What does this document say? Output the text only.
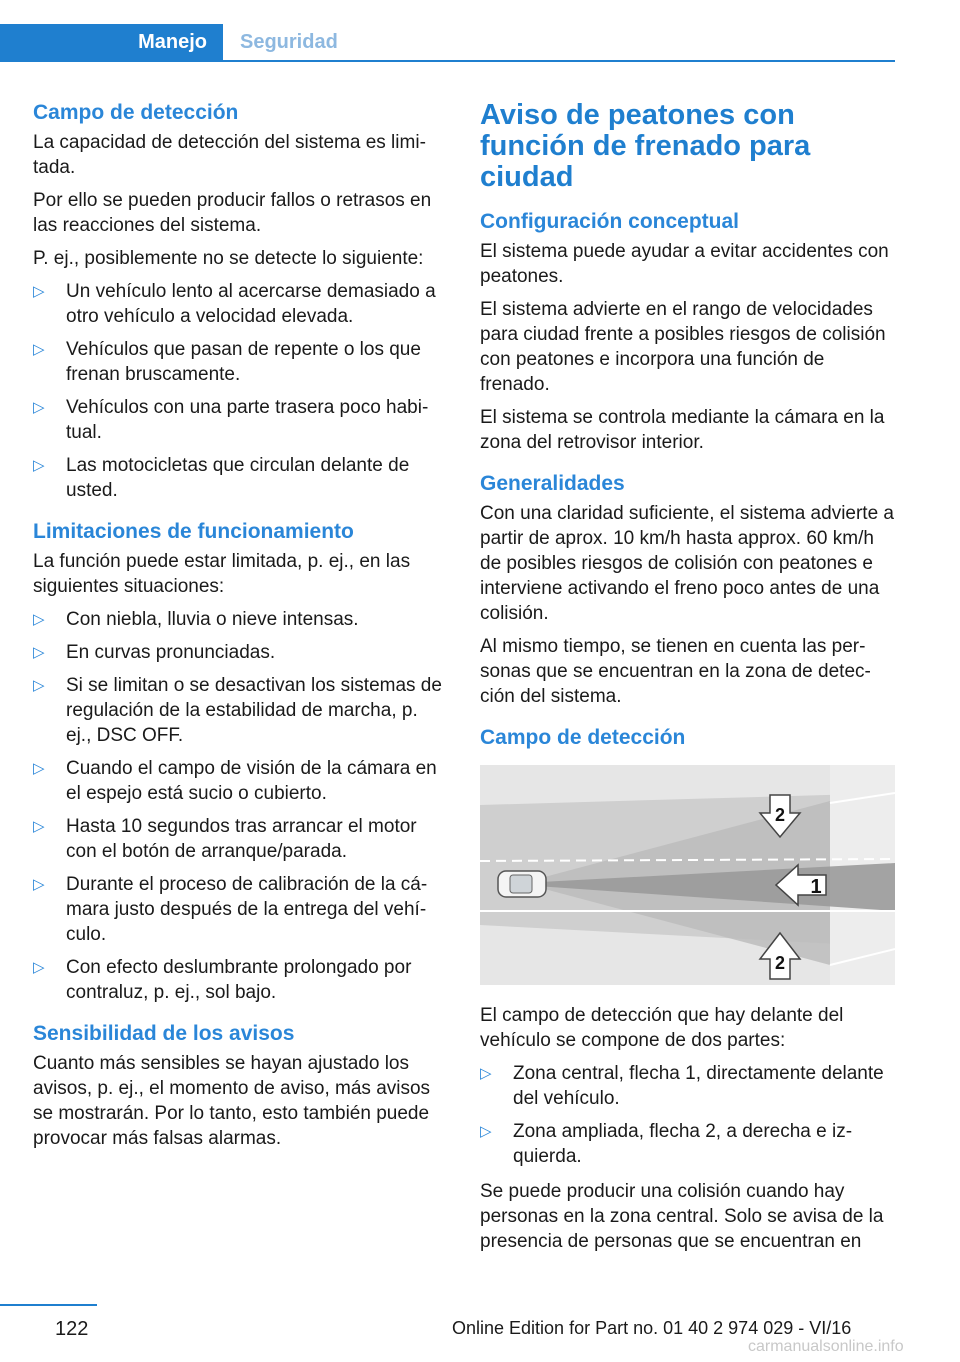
Manejo Seguridad
Campo de detección

La capacidad de detección del sistema es limitada.

Por ello se pueden producir fallos o retrasos en las reacciones del sistema.

P. ej., posiblemente no se detecte lo siguiente:

▷ Un vehículo lento al acercarse demasiado a otro vehículo a velocidad elevada.
▷ Vehículos que pasan de repente o los que frenan bruscamente.
▷ Vehículos con una parte trasera poco habitual.
▷ Las motocicletas que circulan delante de usted.
Limitaciones de funcionamiento

La función puede estar limitada, p. ej., en las siguientes situaciones:

▷ Con niebla, lluvia o nieve intensas.
▷ En curvas pronunciadas.
▷ Si se limitan o se desactivan los sistemas de regulación de la estabilidad de marcha, p. ej., DSC OFF.
▷ Cuando el campo de visión de la cámara en el espejo está sucio o cubierto.
▷ Hasta 10 segundos tras arrancar el motor con el botón de arranque/parada.
▷ Durante el proceso de calibración de la cámara justo después de la entrega del vehículo.
▷ Con efecto deslumbrante prolongado por contraluz, p. ej., sol bajo.
Sensibilidad de los avisos

Cuanto más sensibles se hayan ajustado los avisos, p. ej., el momento de aviso, más avisos se mostrarán. Por lo tanto, esto también puede provocar más falsas alarmas.

Aviso de peatones con función de frenado para ciudad
Configuración conceptual

El sistema puede ayudar a evitar accidentes con peatones.

El sistema advierte en el rango de velocidades para ciudad frente a posibles riesgos de colisión con peatones e incorpora una función de frenado.

El sistema se controla mediante la cámara en la zona del retrovisor interior.

Generalidades

Con una claridad suficiente, el sistema advierte a partir de aprox. 10 km/h hasta approx. 60 km/h de posibles riesgos de colisión con peatones e interviene activando el freno poco antes de una colisión.

Al mismo tiempo, se tienen en cuenta las personas que se encuentran en la zona de detección del sistema.

Campo de detección
1
2
2

El campo de detección que hay delante del vehículo se compone de dos partes:

▷ Zona central, flecha 1, directamente delante del vehículo.
▷ Zona ampliada, flecha 2, a derecha e izquierda.

Se puede producir una colisión cuando hay personas en la zona central. Solo se avisa de la presencia de personas que se encuentran en

122	Online Edition for Part no. 01 40 2 974 029 - VI/16
carmanualsonline.info
